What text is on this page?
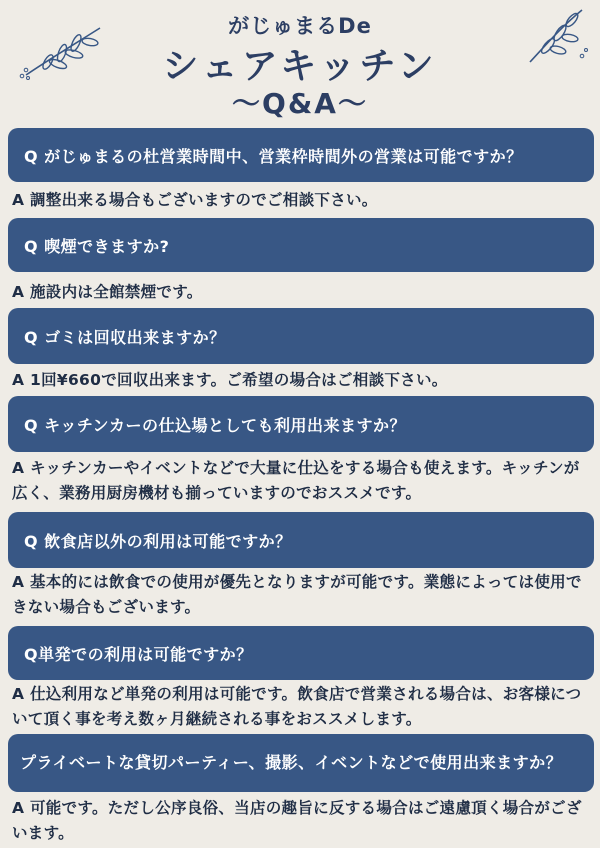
がじゅまるDe
シェアキッチン
〜Q&A〜
Q がじゅまるの杜営業時間中、営業枠時間外の営業は可能ですか？
A 調整出来る場合もございますのでご相談下さい。
Q 喫煙できますか?
A 施設内は全館禁煙です。
Q ゴミは回収出来ますか？
A 1回¥660で回収出来ます。ご希望の場合はご相談下さい。
Q キッチンカーの仕込場としても利用出来ますか？
A キッチンカーやイベントなどで大量に仕込をする場合も使えます。キッチンが広く、業務用厨房機材も揃っていますのでおススメです。
Q 飲食店以外の利用は可能ですか？
A 基本的には飲食での使用が優先となりますが可能です。業態によっては使用できない場合もございます。
Q単発での利用は可能ですか？
A 仕込利用など単発の利用は可能です。飲食店で営業される場合は、お客様について頂く事を考え数ヶ月継続される事をおススメします。
プライベートな貸切パーティー、撮影、イベントなどで使用出来ますか？
A 可能です。ただし公序良俗、当店の趣旨に反する場合はご遠慮頂く場合がございます。
